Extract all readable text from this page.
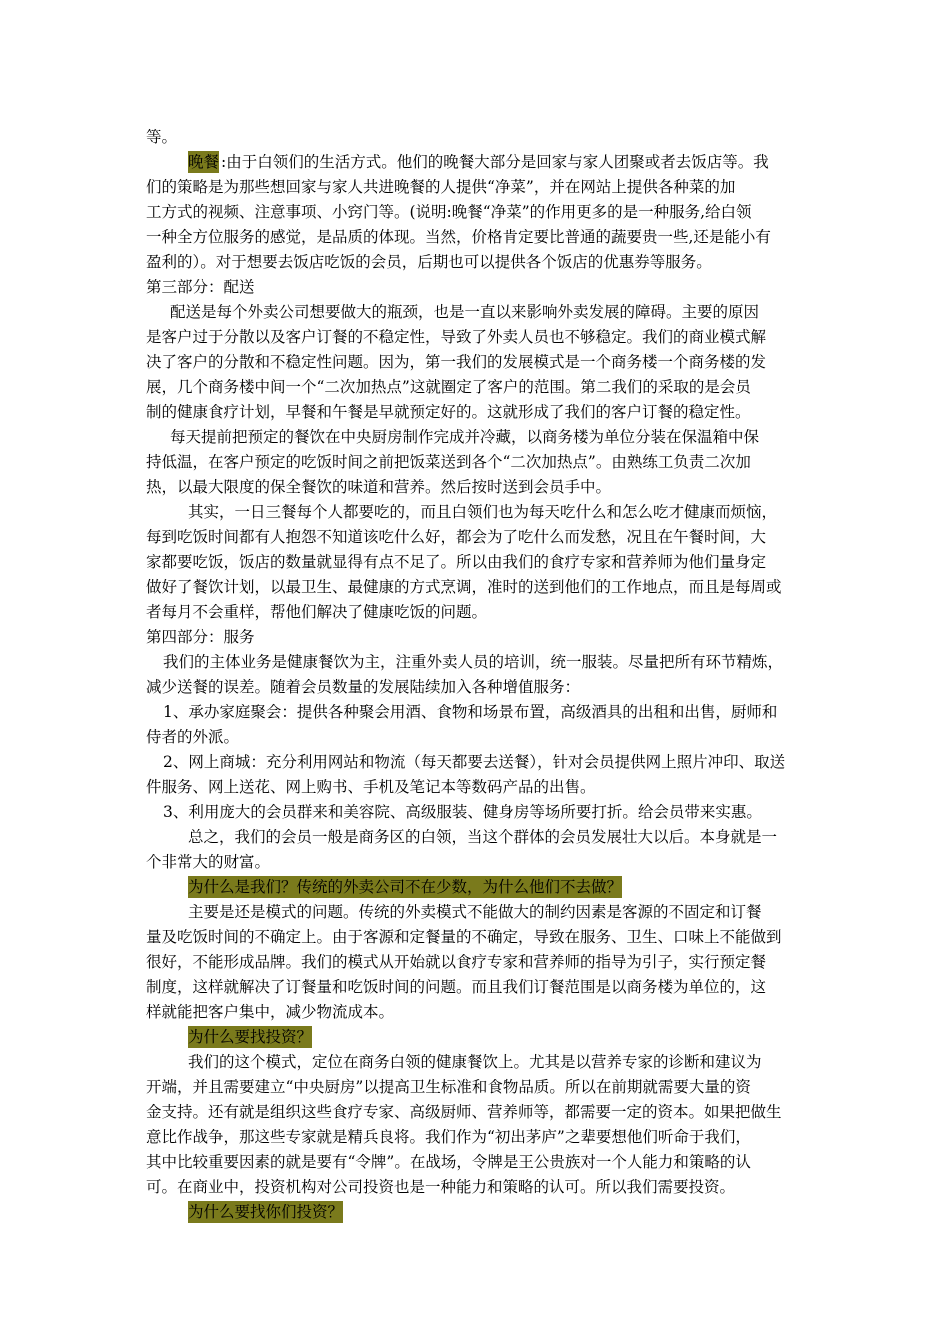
等。
晚餐 :由于白领们的生活方式。他们的晚餐大部分是回家与家人团聚或者去饭店等。我
们的策略是为那些想回家与家人共进晚餐的人提供“净菜”，并在网站上提供各种菜的加
工方式的视频、注意事项、小窍门等。(说明:晚餐“净菜”的作用更多的是一种服务,给白领
一种全方位服务的感觉，是品质的体现。当然，价格肯定要比普通的蔬要贵一些,还是能小有
盈利的）。对于想要去饭店吃饭的会员，后期也可以提供各个饭店的优惠券等服务。
第三部分：配送
配送是每个外卖公司想要做大的瓶颈，也是一直以来影响外卖发展的障碍。主要的原因
是客户过于分散以及客户订餐的不稳定性，导致了外卖人员也不够稳定。我们的商业模式解
决了客户的分散和不稳定性问题。因为，第一我们的发展模式是一个商务楼一个商务楼的发
展，几个商务楼中间一个“二次加热点”这就圈定了客户的范围。第二我们的采取的是会员
制的健康食疗计划，早餐和午餐是早就预定好的。这就形成了我们的客户订餐的稳定性。
每天提前把预定的餐饮在中央厨房制作完成并冷藏，以商务楼为单位分装在保温箱中保
持低温，在客户预定的吃饭时间之前把饭菜送到各个“二次加热点”。由熟练工负责二次加
热，以最大限度的保全餐饮的味道和营养。然后按时送到会员手中。
其实，一日三餐每个人都要吃的，而且白领们也为每天吃什么和怎么吃才健康而烦恼，
每到吃饭时间都有人抱怨不知道该吃什么好，都会为了吃什么而发愁，况且在午餐时间，大
家都要吃饭，饭店的数量就显得有点不足了。所以由我们的食疗专家和营养师为他们量身定
做好了餐饮计划，以最卫生、最健康的方式烹调，准时的送到他们的工作地点，而且是每周或
者每月不会重样，帮他们解决了健康吃饭的问题。
第四部分：服务
我们的主体业务是健康餐饮为主，注重外卖人员的培训，统一服装。尽量把所有环节精炼，
减少送餐的误差。随着会员数量的发展陆续加入各种增值服务：
1、承办家庭聚会：提供各种聚会用酒、食物和场景布置，高级酒具的出租和出售，厨师和
侍者的外派。
2、网上商城：充分利用网站和物流（每天都要去送餐），针对会员提供网上照片冲印、取送
件服务、网上送花、网上购书、手机及笔记本等数码产品的出售。
3、利用庞大的会员群来和美容院、高级服装、健身房等场所要打折。给会员带来实惠。
总之，我们的会员一般是商务区的白领，当这个群体的会员发展壮大以后。本身就是一
个非常大的财富。
为什么是我们？传统的外卖公司不在少数，为什么他们不去做？
主要是还是模式的问题。传统的外卖模式不能做大的制约因素是客源的不固定和订餐
量及吃饭时间的不确定上。由于客源和定餐量的不确定，导致在服务、卫生、口味上不能做到
很好，不能形成品牌。我们的模式从开始就以食疗专家和营养师的指导为引子，实行预定餐
制度，这样就解决了订餐量和吃饭时间的问题。而且我们订餐范围是以商务楼为单位的，这
样就能把客户集中，减少物流成本。
为什么要找投资？
我们的这个模式，定位在商务白领的健康餐饮上。尤其是以营养专家的诊断和建议为
开端，并且需要建立“中央厨房”以提高卫生标准和食物品质。所以在前期就需要大量的资
金支持。还有就是组织这些食疗专家、高级厨师、营养师等，都需要一定的资本。如果把做生
意比作战争，那这些专家就是精兵良将。我们作为“初出茅庐”之辈要想他们听命于我们，
其中比较重要因素的就是要有“令牌”。在战场，令牌是王公贵族对一个人能力和策略的认
可。在商业中，投资机构对公司投资也是一种能力和策略的认可。所以我们需要投资。
为什么要找你们投资？
